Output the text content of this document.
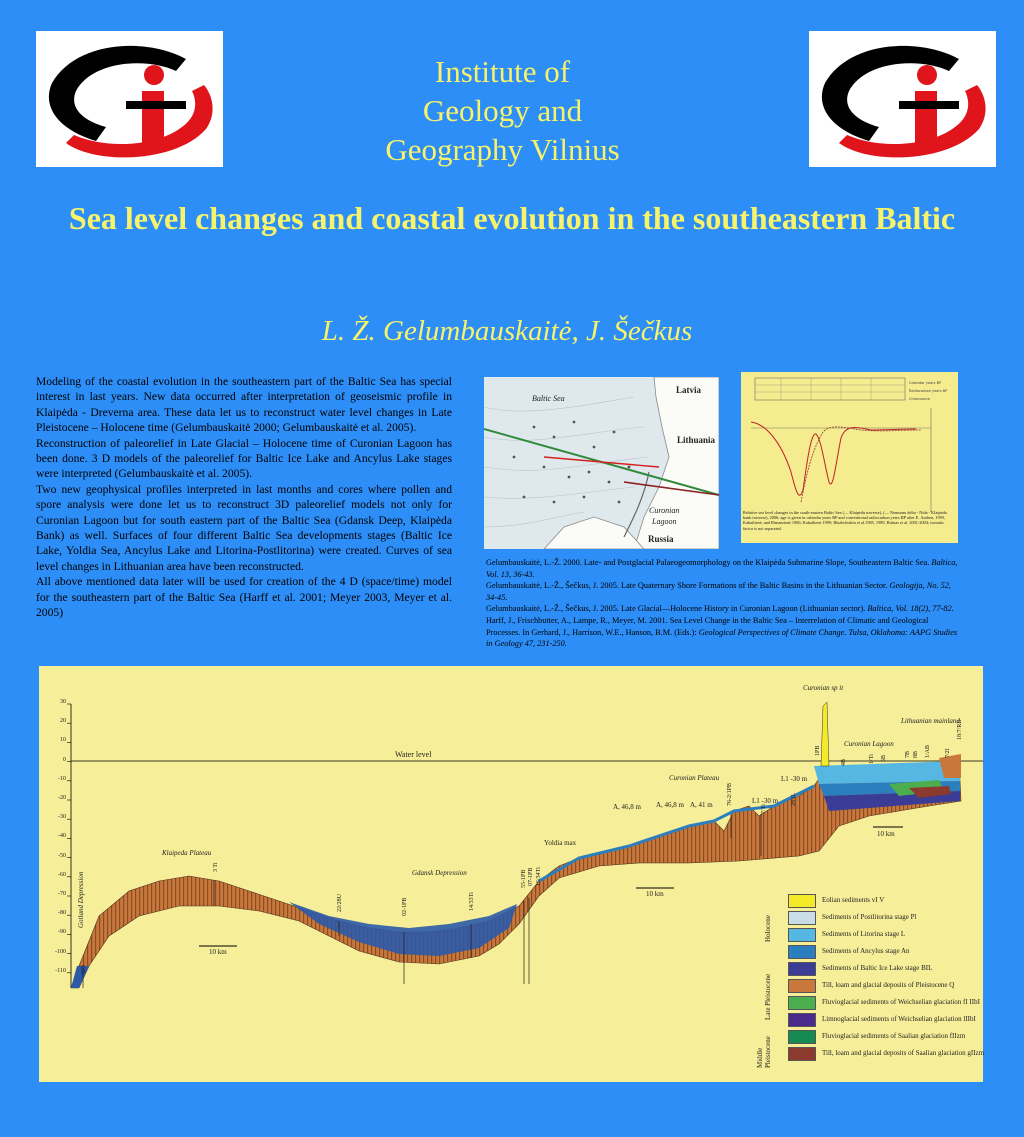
Institute of
Geology and
Geography Vilnius
Sea level changes and coastal evolution in the southeastern Baltic
L. Ž. Gelumbauskaitė, J. Šečkus

Modeling of the coastal evolution in the southeastern part of the Baltic Sea has special interest in last years. New data occurred after interpretation of geoseismic profile in Klaipėda - Dreverna area. These data let us to reconstruct water level changes in Late Pleistocene – Holocene time (Gelumbauskaitė 2000; Gelumbauskaitė et al. 2005).

Reconstruction of paleorelief in Late Glacial – Holocene time of Curonian Lagoon has been done. 3 D models of the paleorelief for Baltic Ice Lake and Ancylus Lake stages were interpreted (Gelumbauskaitė et al. 2005).

Two new geophysical profiles interpreted in last months and cores where pollen and spore analysis were done let us to reconstruct 3D paleorelief models not only for Curonian Lagoon but for south eastern part of the Baltic Sea (Gdansk Deep, Klaipėda Bank) as well. Surfaces of four different Baltic Sea developments stages (Baltic Ice Lake, Yoldia Sea, Ancylus Lake and Litorina-Postlitorina) were created. Curves of sea level changes in Lithuanian area have been reconstructed.

All above mentioned data later will be used for creation of the 4 D (space/time) model for the southeastern part of the Baltic Sea (Harff et al. 2001; Meyer 2003, Meyer et al. 2005)

Baltic Sea
Latvia
Lithuania
Curonian
Lagoon
Russia
Calendar years BP
Radiocarbon years BP
Chronozone
Relative sea level changes in the south-eastern Baltic Sea (— Klaipėda traverse), (— Nemunas delta - Nida - Klaipėda bank traverse), 2006; age is given in calendar years BP and conventional radiocarbon years BP after E. Andren, 1999, Kabailienė, and Rimantienė 1966; Kabailienė 1999; Blazhchishin et al.1985, 1989, Bitinas et al. 2001-2004; isostatic factor is not separated.

Gelumbauskaitė, L.-Ž. 2000. Late- and Postglacial Palaeogeomorphology on the Klaipėda Submarine Slope, Southeastern Baltic Sea. Baltica, Vol. 13, 36-43.

Gelumbauskaitė, L.-Ž., Šečkus, J. 2005. Late Quaternary Shore Formations of the Baltic Basins in the Lithuanian Sector. Geologija, No. 52, 34-45.

Gelumbauskaitė, L.-Ž., Šečkus, J. 2005. Late Glacial—Holocene History in Curonian Lagoon (Lithuanian sector). Baltica, Vol. 18(2), 77-82.

Harff, J., Frischbutter, A., Lampe, R., Meyer, M. 2001. Sea Level Change in the Baltic Sea – Interrelation of Climatic and Geological Processes. In Gerhard, J., Harrison, W.E., Hanson, B.M. (Eds.): Geological Perspectives of Climate Change. Tulsa, Oklahoma: AAPG Studies in Geology 47, 231-250.

30
20
10
0
-10
-20
-30
-40
-50
-60
-70
-80
-90
-100
-110
Water level
Gotland Depression
Klaipeda Plateau
Gdansk Depression
Yoldia max
Curonian Plateau
Curonian sp it
Curonian Lagoon
Lithuanian mainland
A, 46,8 m A, 46,8 m A, 41 m
L1 -30 m
L1 -30 m
10 km
10 km
10 km
623
3 Ti
22/28U	02-1PB	14/33Ti
55-1PB 07-1PB 15/34Ti
76-2/1PB	28 IL
7/Ti
1PB
4B	1/Ti 5B
7B 8B 1/AB 7/2I
18/7/RB
Holocene
Late Pleistocene
Middle Pleistocene
Eolian sediments vI V
Sediments of Postlitorina stage Pl
Sediments of Litorina stage L
Sediments of Ancylus stage An
Sediments of Baltic Ice Lake stage BIL
Till, loam and glacial deposits of Pleistocene Q
Fluvioglacial sediments of Weichselian glaciation fI IIbI
Limnoglacial sediments of Weichselian glaciation lIIbI
Fluvioglacial sediments of Saalian glaciation fIIzm
Till, loam and glacial deposits of Saalian glaciation gIIzm
